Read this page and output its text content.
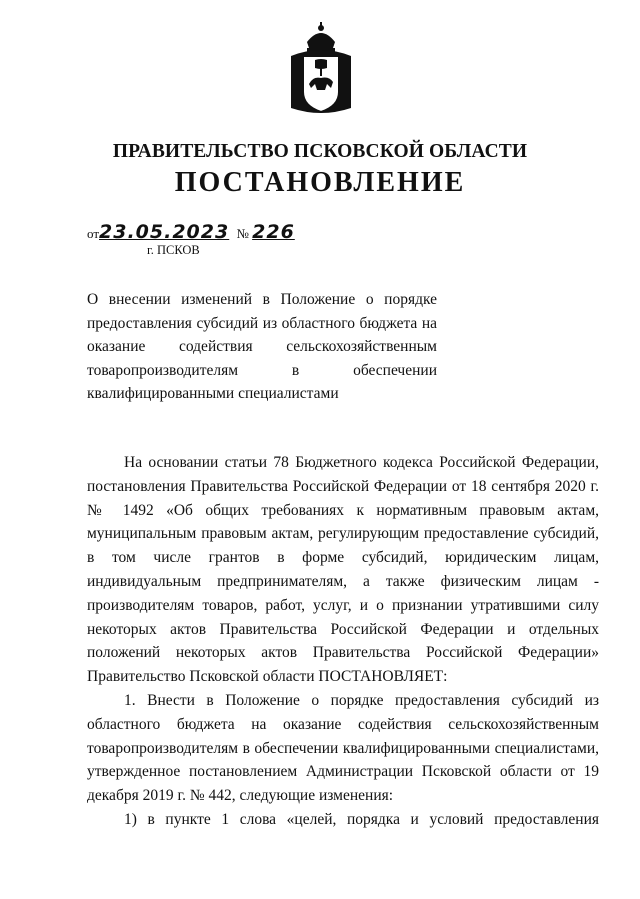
ПРАВИТЕЛЬСТВО ПСКОВСКОЙ ОБЛАСТИ
ПОСТАНОВЛЕНИЕ
от23.05.2023 № 226
г. ПСКОВ
О внесении изменений в Положение о порядке предоставления субсидий из областного бюджета на оказание содействия сельскохозяйственным товаропроизводителям в обеспечении квалифицированными специалистами

На основании статьи 78 Бюджетного кодекса Российской Федерации, постановления Правительства Российской Федерации от 18 сентября 2020 г. № 1492 «Об общих требованиях к нормативным правовым актам, муниципальным правовым актам, регулирующим предоставление субсидий, в том числе грантов в форме субсидий, юридическим лицам, индивидуальным предпринимателям, а также физическим лицам - производителям товаров, работ, услуг, и о признании утратившими силу некоторых актов Правительства Российской Федерации и отдельных положений некоторых актов Правительства Российской Федерации» Правительство Псковской области ПОСТАНОВЛЯЕТ:

1. Внести в Положение о порядке предоставления субсидий из областного бюджета на оказание содействия сельскохозяйственным товаропроизводителям в обеспечении квалифицированными специалистами, утвержденное постановлением Администрации Псковской области от 19 декабря 2019 г. № 442, следующие изменения:

1) в пункте 1 слова «целей, порядка и условий предоставления
